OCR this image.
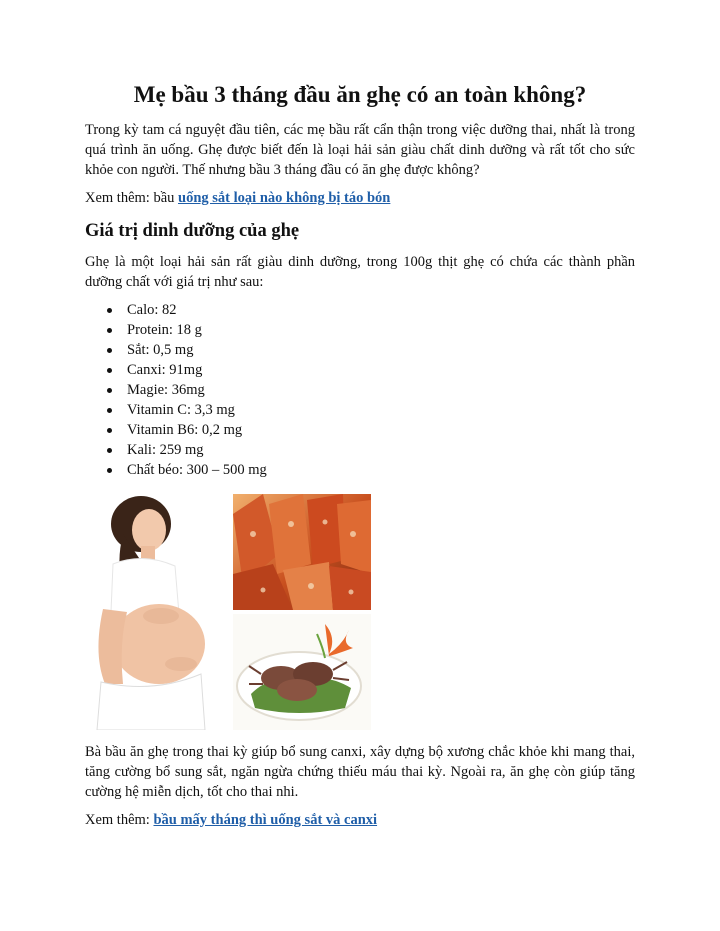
Mẹ bầu 3 tháng đầu ăn ghẹ có an toàn không?

Trong kỳ tam cá nguyệt đầu tiên, các mẹ bầu rất cẩn thận trong việc dưỡng thai, nhất là trong quá trình ăn uống. Ghẹ được biết đến là loại hải sản giàu chất dinh dưỡng và rất tốt cho sức khỏe con người. Thế nhưng bầu 3 tháng đầu có ăn ghẹ được không?

Xem thêm: bầu uống sắt loại nào không bị táo bón

Giá trị dinh dưỡng của ghẹ

Ghẹ là một loại hải sản rất giàu dinh dưỡng, trong 100g thịt ghẹ có chứa các thành phần dưỡng chất với giá trị như sau:

Calo: 82
Protein: 18 g
Sắt: 0,5 mg
Canxi: 91mg
Magie: 36mg
Vitamin C: 3,3 mg
Vitamin B6: 0,2 mg
Kali: 259 mg
Chất béo: 300 – 500 mg

Bà bầu ăn ghẹ trong thai kỳ giúp bổ sung canxi, xây dựng bộ xương chắc khỏe khi mang thai, tăng cường bổ sung sắt, ngăn ngừa chứng thiếu máu thai kỳ. Ngoài ra, ăn ghẹ còn giúp tăng cường hệ miễn dịch, tốt cho thai nhi.

Xem thêm: bầu mấy tháng thì uống sắt và canxi
